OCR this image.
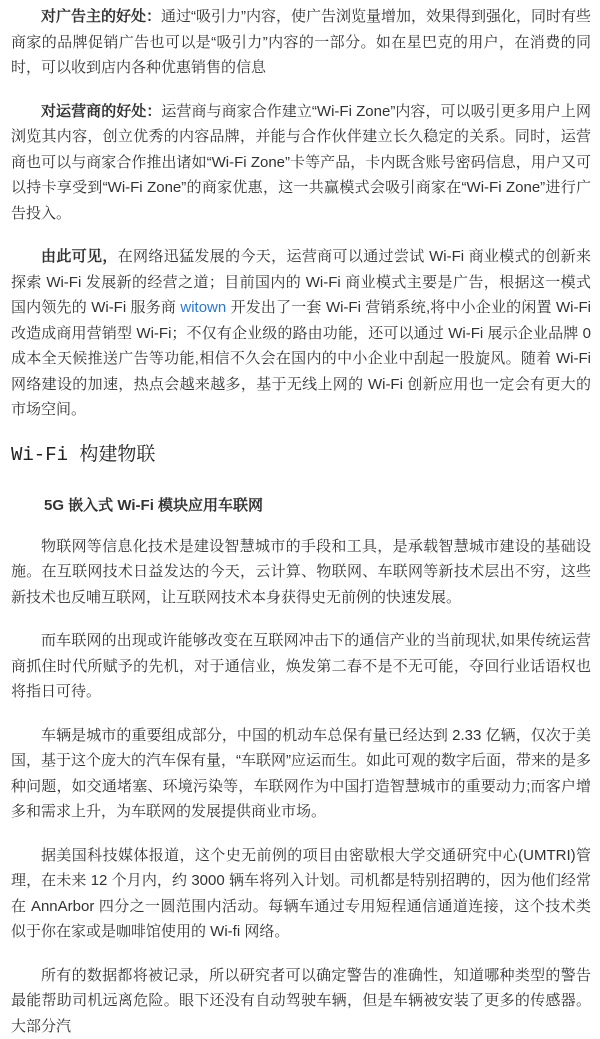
对广告主的好处：通过“吸引力”内容，使广告浏览量增加，效果得到强化，同时有些商家的品牌促销广告也可以是“吸引力”内容的一部分。如在星巴克的用户，在消费的同时，可以收到店内各种优惠销售的信息

对运营商的好处：运营商与商家合作建立“Wi-Fi Zone”内容，可以吸引更多用户上网浏览其内容，创立优秀的内容品牌，并能与合作伙伴建立长久稳定的关系。同时，运营商也可以与商家合作推出诸如“Wi-Fi Zone”卡等产品，卡内既含账号密码信息，用户又可以持卡享受到“Wi-Fi Zone”的商家优惠，这一共赢模式会吸引商家在“Wi-Fi Zone”进行广告投入。

由此可见，在网络迅猛发展的今天，运营商可以通过尝试 Wi-Fi 商业模式的创新来探索 Wi-Fi 发展新的经营之道；目前国内的 Wi-Fi 商业模式主要是广告，根据这一模式国内领先的 Wi-Fi 服务商 witown 开发出了一套 Wi-Fi 营销系统,将中小企业的闲置 Wi-Fi 改造成商用营销型 Wi-Fi；不仅有企业级的路由功能，还可以通过 Wi-Fi 展示企业品牌 0 成本全天候推送广告等功能,相信不久会在国内的中小企业中刮起一股旋风。随着 Wi-Fi 网络建设的加速，热点会越来越多，基于无线上网的 Wi-Fi 创新应用也一定会有更大的市场空间。

Wi-Fi 构建物联
5G 嵌入式 Wi-Fi 模块应用车联网

物联网等信息化技术是建设智慧城市的手段和工具，是承载智慧城市建设的基础设施。在互联网技术日益发达的今天，云计算、物联网、车联网等新技术层出不穷，这些新技术也反哺互联网，让互联网技术本身获得史无前例的快速发展。

而车联网的出现或许能够改变在互联网冲击下的通信产业的当前现状,如果传统运营商抓住时代所赋予的先机，对于通信业，焕发第二春不是不无可能，夺回行业话语权也将指日可待。

车辆是城市的重要组成部分，中国的机动车总保有量已经达到 2.33 亿辆，仅次于美国，基于这个庞大的汽车保有量，“车联网”应运而生。如此可观的数字后面，带来的是多种问题，如交通堵塞、环境污染等，车联网作为中国打造智慧城市的重要动力;而客户增多和需求上升，为车联网的发展提供商业市场。

据美国科技媒体报道，这个史无前例的项目由密歇根大学交通研究中心(UMTRI)管理，在未来 12 个月内，约 3000 辆车将列入计划。司机都是特别招聘的，因为他们经常在 AnnArbor 四分之一圆范围内活动。每辆车通过专用短程通信通道连接，这个技术类似于你在家或是咖啡馆使用的 Wi-fi 网络。

所有的数据都将被记录，所以研究者可以确定警告的准确性，知道哪种类型的警告最能帮助司机远离危险。眼下还没有自动驾驶车辆，但是车辆被安装了更多的传感器。大部分汽
